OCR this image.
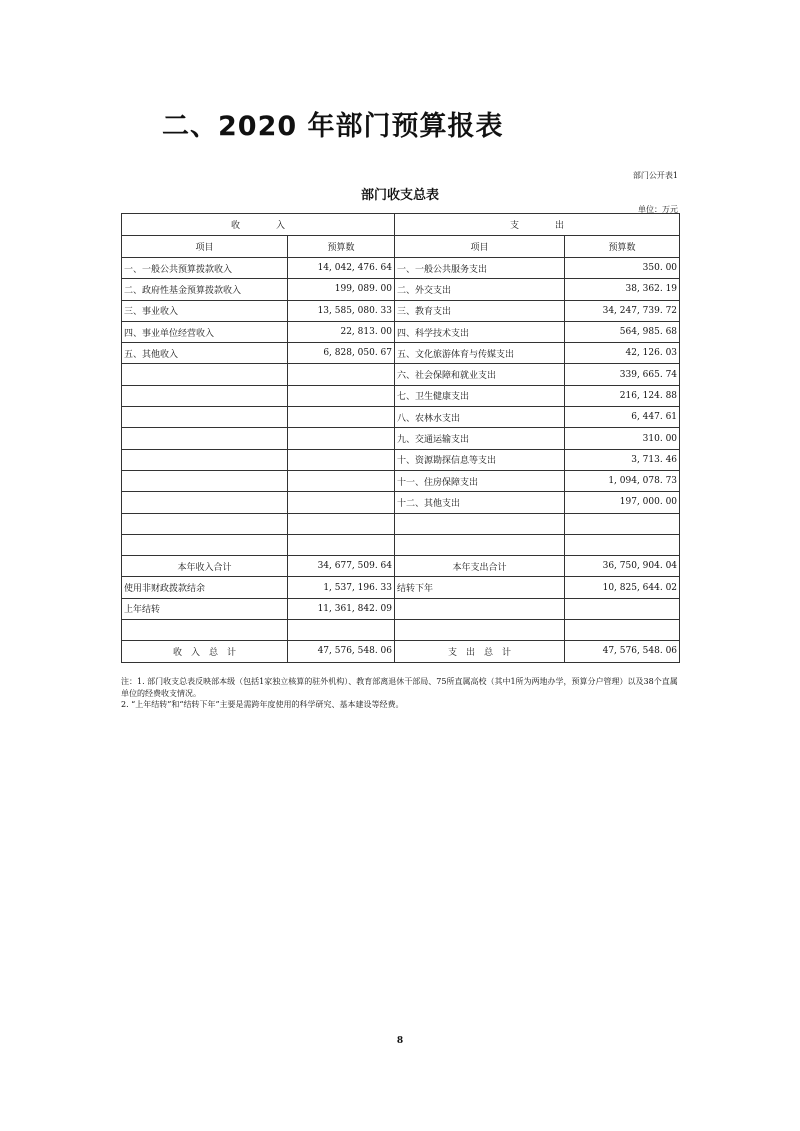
二、2020 年部门预算报表
部门公开表1
部门收支总表
单位：万元
收　　　　入		支　　　　出	
项目	预算数	项目	预算数
一、一般公共预算拨款收入	14, 042, 476. 64	一、一般公共服务支出	350. 00
二、政府性基金预算拨款收入	199, 089. 00	二、外交支出	38, 362. 19
三、事业收入	13, 585, 080. 33	三、教育支出	34, 247, 739. 72
四、事业单位经营收入	22, 813. 00	四、科学技术支出	564, 985. 68
五、其他收入	6, 828, 050. 67	五、文化旅游体育与传媒支出	42, 126. 03
		六、社会保障和就业支出	339, 665. 74
		七、卫生健康支出	216, 124. 88
		八、农林水支出	6, 447. 61
		九、交通运输支出	310. 00
		十、资源勘探信息等支出	3, 713. 46
		十一、住房保障支出	1, 094, 078. 73
		十二、其他支出	197, 000. 00

本年收入合计	34, 677, 509. 64	本年支出合计	36, 750, 904. 04
使用非财政拨款结余	1, 537, 196. 33	结转下年	10, 825, 644. 02
上年结转	11, 361, 842. 09		

收　入　总　计	47, 576, 548. 06	支　出　总　计	47, 576, 548. 06

注：1. 部门收支总表反映部本级（包括1家独立核算的驻外机构）、教育部离退休干部局、75所直属高校（其中1所为两地办学，预算分户管理）以及38个直属单位的经费收支情况。

2. “上年结转”和“结转下年”主要是需跨年度使用的科学研究、基本建设等经费。

8
